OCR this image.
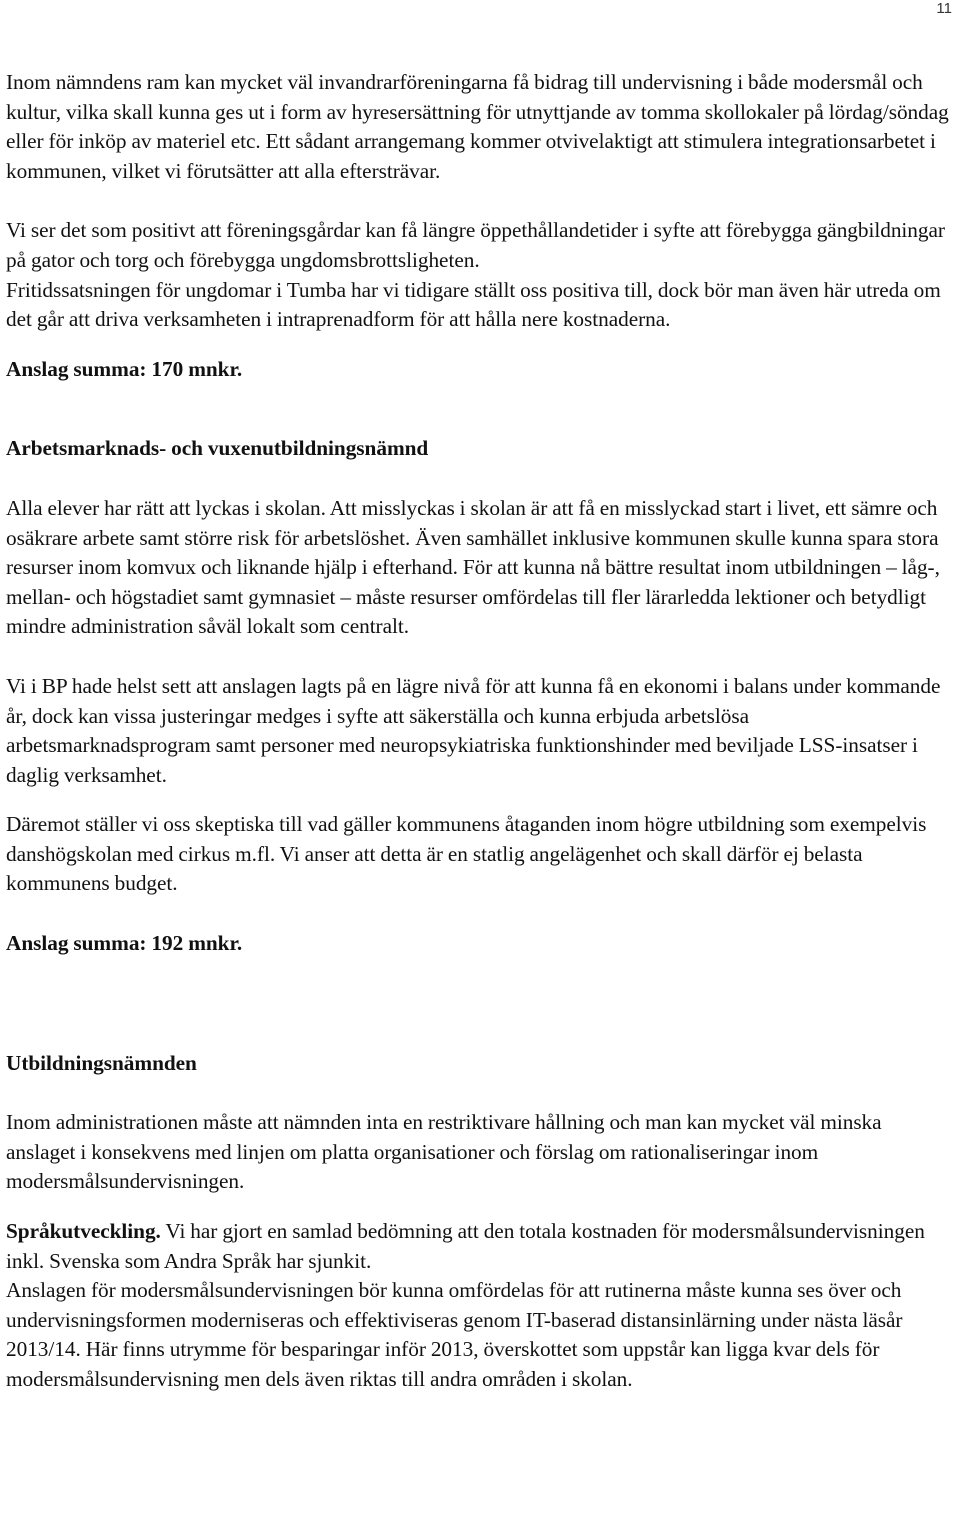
11

Inom nämndens ram kan mycket väl invandrarföreningarna få bidrag till undervisning i både modersmål och kultur, vilka skall kunna ges ut i form av hyresersättning för utnyttjande av tomma skollokaler på lördag/söndag eller för inköp av materiel etc. Ett sådant arrangemang kommer otvivelaktigt att stimulera integrationsarbetet i kommunen, vilket vi förutsätter att alla eftersträvar.

Vi ser det som positivt att föreningsgårdar kan få längre öppethållandetider i syfte att förebygga gängbildningar på gator och torg och förebygga ungdomsbrottsligheten.

Fritidssatsningen för ungdomar i Tumba har vi tidigare ställt oss positiva till, dock bör man även här utreda om det går att driva verksamheten i intraprenadform för att hålla nere kostnaderna.

Anslag summa: 170 mnkr.

Arbetsmarknads- och vuxenutbildningsnämnd

Alla elever har rätt att lyckas i skolan. Att misslyckas i skolan är att få en misslyckad start i livet, ett sämre och osäkrare arbete samt större risk för arbetslöshet. Även samhället inklusive kommunen skulle kunna spara stora resurser inom komvux och liknande hjälp i efterhand. För att kunna nå bättre resultat inom utbildningen – låg-, mellan- och högstadiet samt gymnasiet – måste resurser omfördelas till fler lärarledda lektioner och betydligt mindre administration såväl lokalt som centralt.

Vi i BP hade helst sett att anslagen lagts på en lägre nivå för att kunna få en ekonomi i balans under kommande år, dock kan vissa justeringar medges i syfte att säkerställa och kunna erbjuda arbetslösa arbetsmarknadsprogram samt personer med neuropsykiatriska funktionshinder med beviljade LSS-insatser i daglig verksamhet.

Däremot ställer vi oss skeptiska till vad gäller kommunens åtaganden inom högre utbildning som exempelvis danshögskolan med cirkus m.fl. Vi anser att detta är en statlig angelägenhet och skall därför ej belasta kommunens budget.

Anslag summa: 192 mnkr.

Utbildningsnämnden

Inom administrationen måste att nämnden inta en restriktivare hållning och man kan mycket väl minska anslaget i konsekvens med linjen om platta organisationer och förslag om rationaliseringar inom modersmålsundervisningen.

Språkutveckling. Vi har gjort en samlad bedömning att den totala kostnaden för modersmålsundervisningen inkl. Svenska som Andra Språk har sjunkit.

Anslagen för modersmålsundervisningen bör kunna omfördelas för att rutinerna måste kunna ses över och undervisningsformen moderniseras och effektiviseras genom IT-baserad distansinlärning under nästa läsår 2013/14. Här finns utrymme för besparingar inför 2013, överskottet som uppstår kan ligga kvar dels för modersmålsundervisning men dels även riktas till andra områden i skolan.
